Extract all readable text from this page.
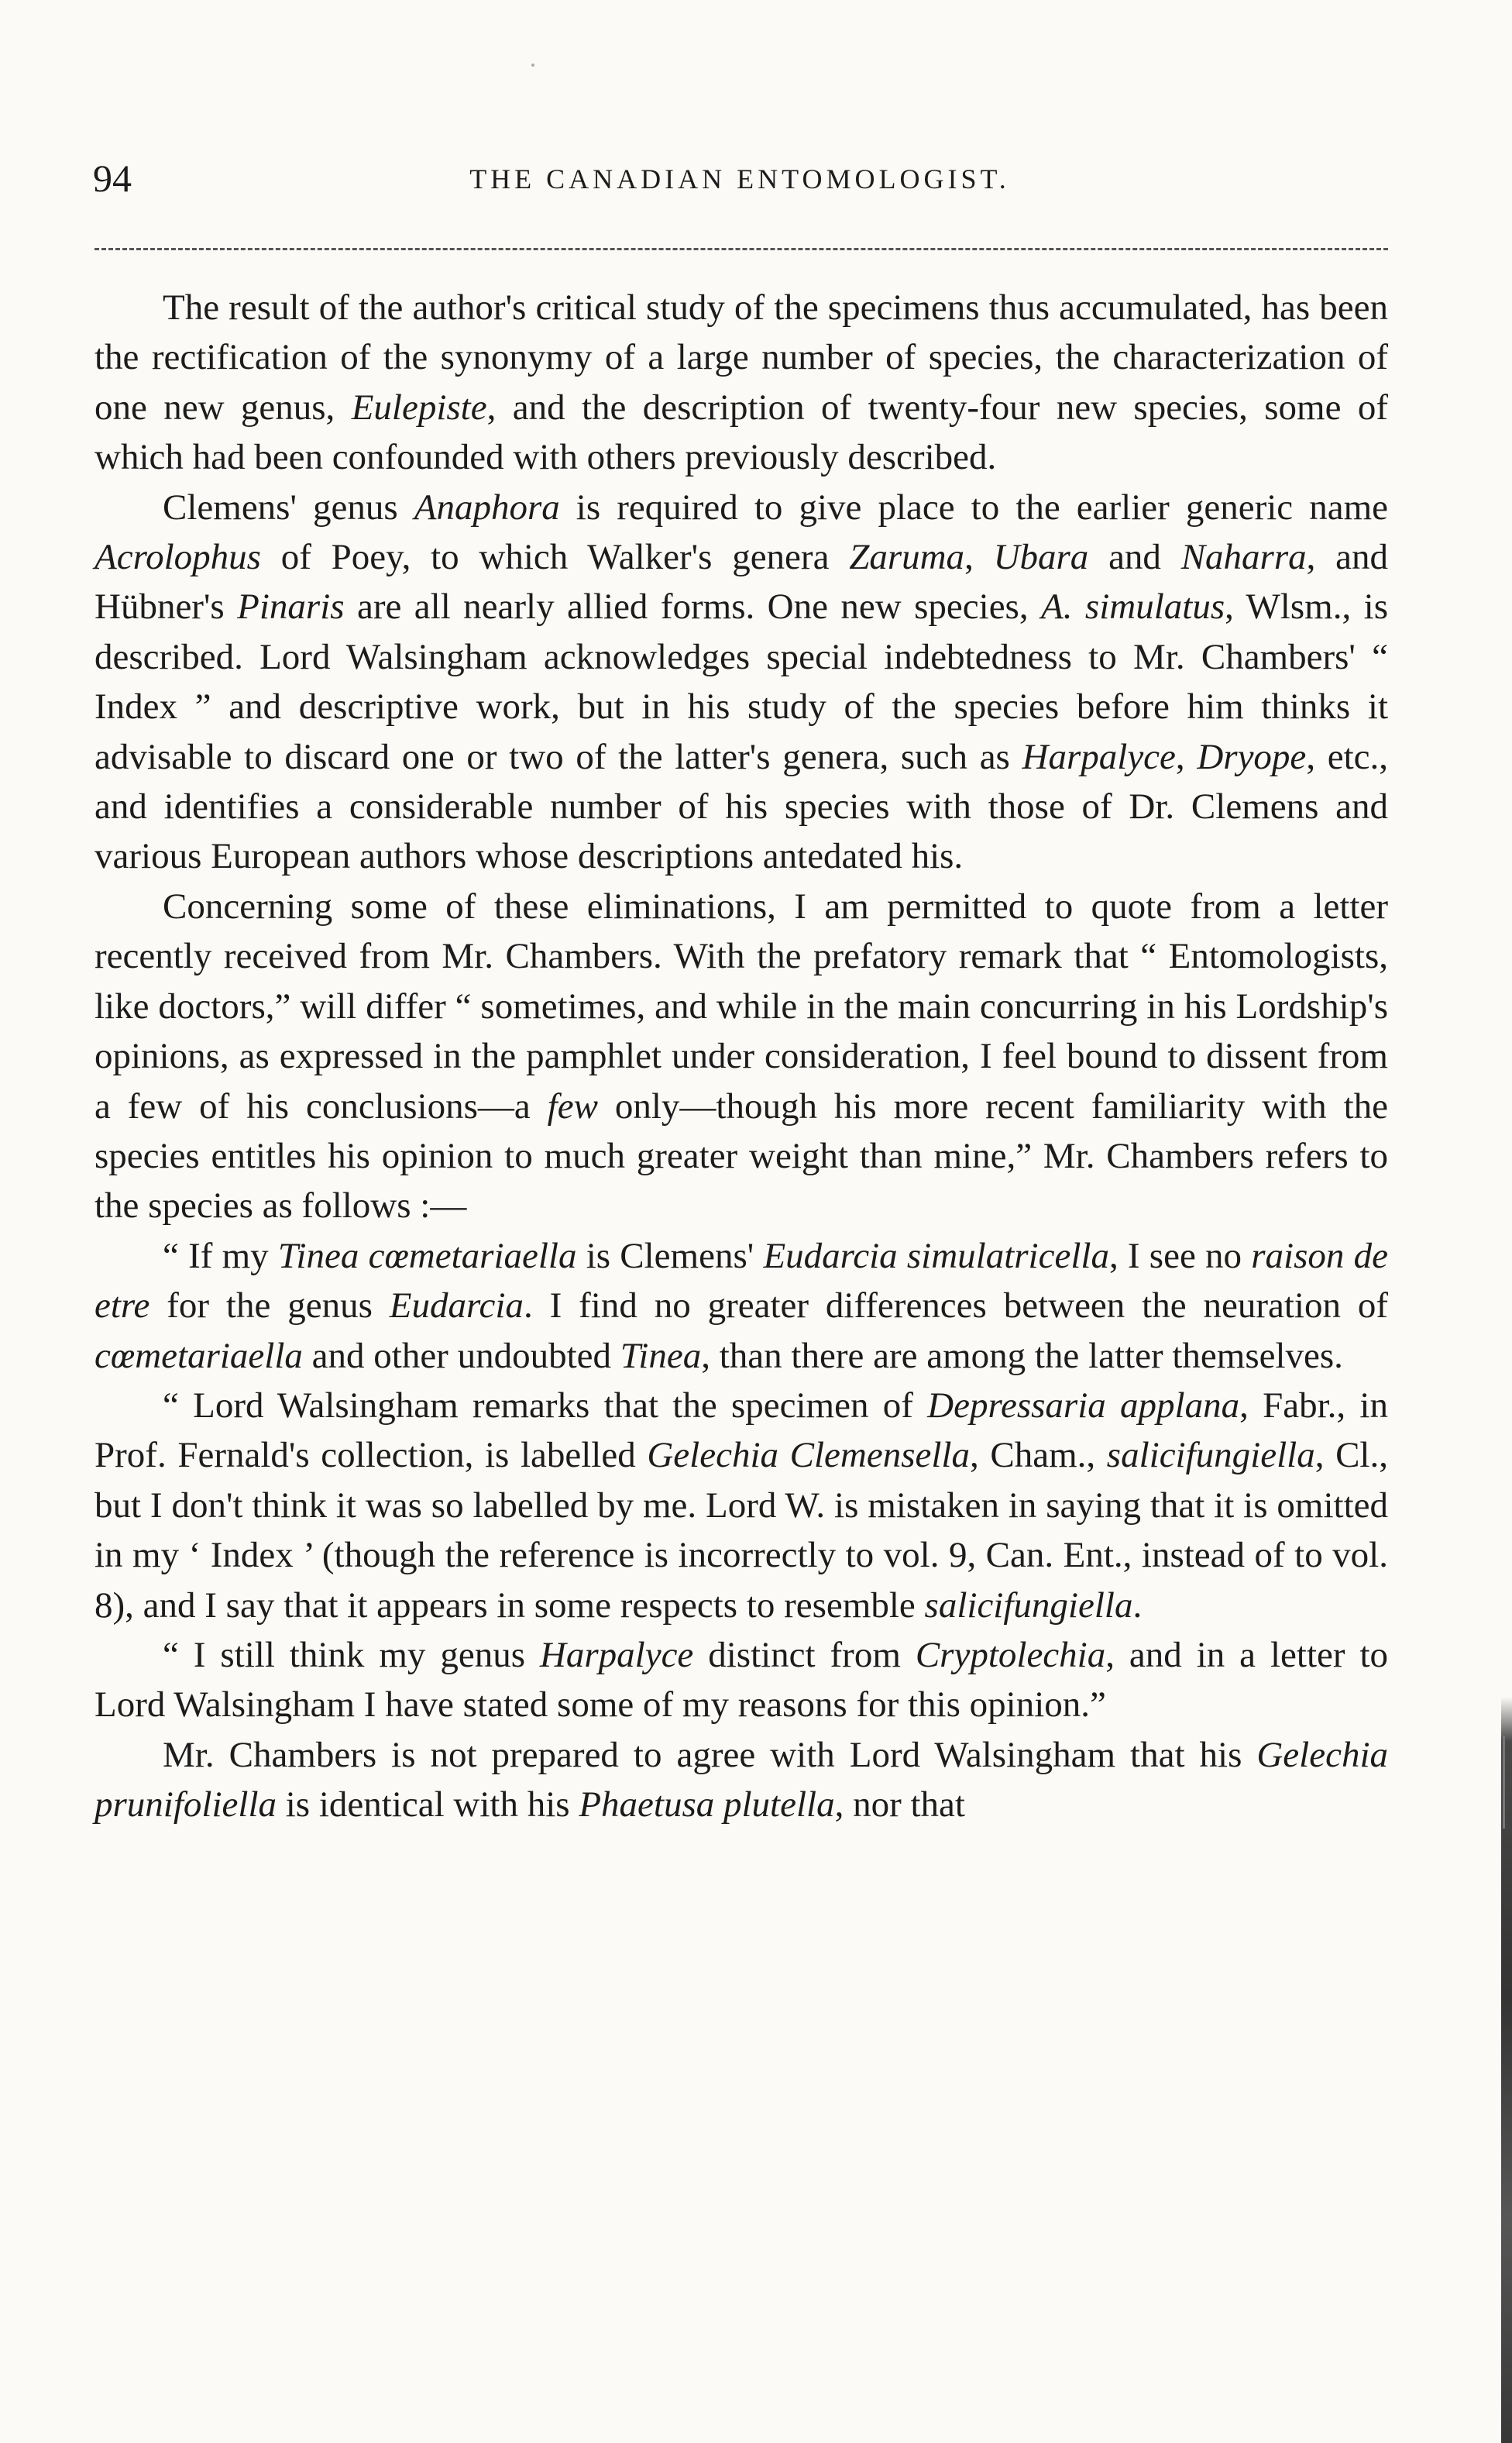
94	THE CANADIAN ENTOMOLOGIST.

The result of the author's critical study of the specimens thus accumulated, has been the rectification of the synonymy of a large number of species, the characterization of one new genus, Eulepiste, and the description of twenty-four new species, some of which had been confounded with others previously described.

Clemens' genus Anaphora is required to give place to the earlier generic name Acrolophus of Poey, to which Walker's genera Zaruma, Ubara and Naharra, and Hübner's Pinaris are all nearly allied forms. One new species, A. simulatus, Wlsm., is described. Lord Walsingham acknowledges special indebtedness to Mr. Chambers' “ Index ” and descriptive work, but in his study of the species before him thinks it advisable to discard one or two of the latter's genera, such as Harpalyce, Dryope, etc., and identifies a considerable number of his species with those of Dr. Clemens and various European authors whose descriptions antedated his.

Concerning some of these eliminations, I am permitted to quote from a letter recently received from Mr. Chambers. With the prefatory remark that “ Entomologists, like doctors,” will differ “ sometimes, and while in the main concurring in his Lordship's opinions, as expressed in the pamphlet under consideration, I feel bound to dissent from a few of his conclusions—a few only—though his more recent familiarity with the species entitles his opinion to much greater weight than mine,” Mr. Chambers refers to the species as follows :—

“ If my Tinea cœmetariaella is Clemens' Eudarcia simulatricella, I see no raison de etre for the genus Eudarcia. I find no greater differences between the neuration of cœmetariaella and other undoubted Tinea, than there are among the latter themselves.

“ Lord Walsingham remarks that the specimen of Depressaria applana, Fabr., in Prof. Fernald's collection, is labelled Gelechia Clemensella, Cham., salicifungiella, Cl., but I don't think it was so labelled by me. Lord W. is mistaken in saying that it is omitted in my ‘ Index ’ (though the reference is incorrectly to vol. 9, Can. Ent., instead of to vol. 8), and I say that it appears in some respects to resemble salicifungiella.

“ I still think my genus Harpalyce distinct from Cryptolechia, and in a letter to Lord Walsingham I have stated some of my reasons for this opinion.”

Mr. Chambers is not prepared to agree with Lord Walsingham that his Gelechia prunifoliella is identical with his Phaetusa plutella, nor that
